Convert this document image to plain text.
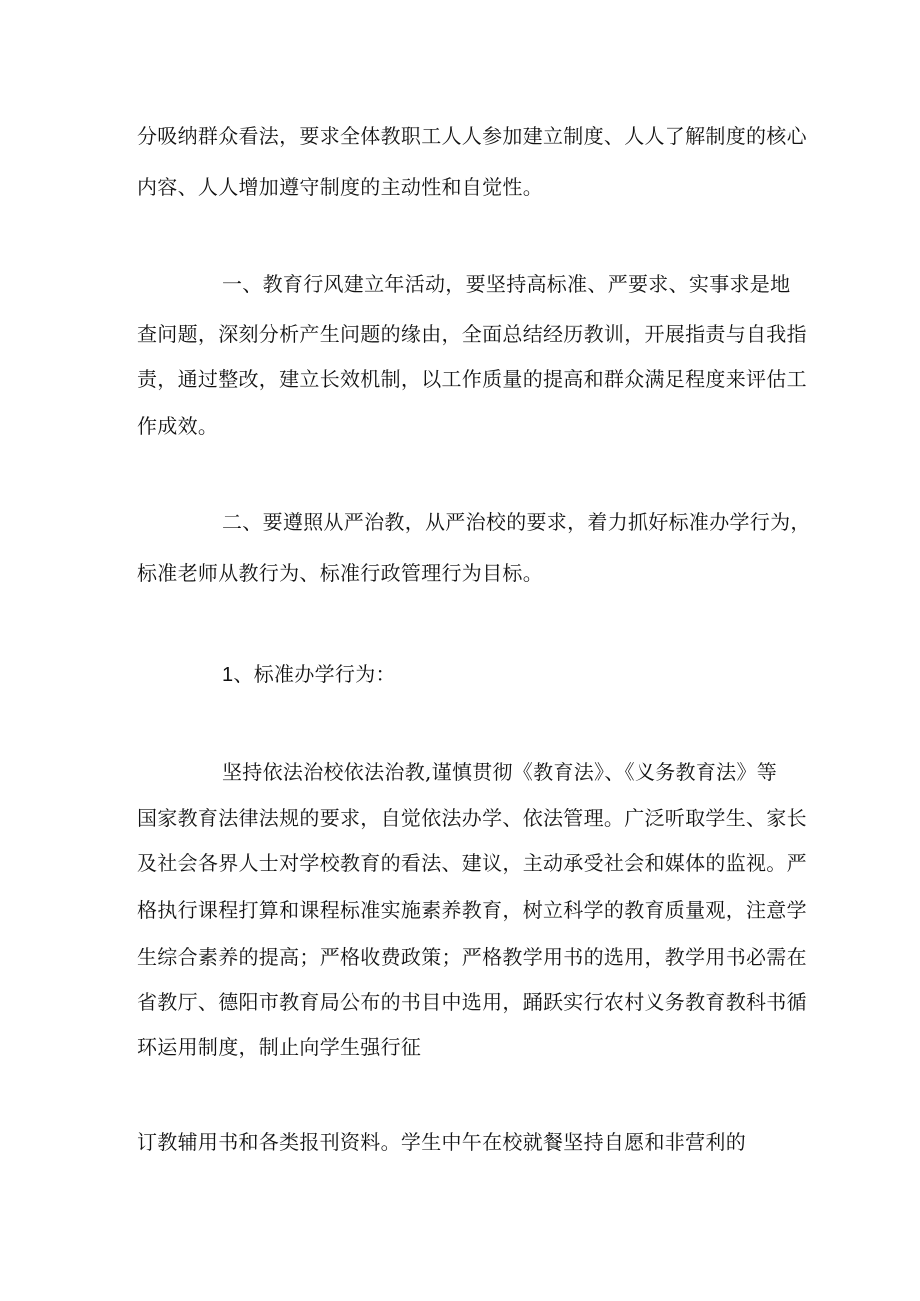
分吸纳群众看法，要求全体教职工人人参加建立制度、人人了解制度的核心
内容、人人增加遵守制度的主动性和自觉性。
一、教育行风建立年活动，要坚持高标准、严要求、实事求是地
查问题，深刻分析产生问题的缘由，全面总结经历教训，开展指责与自我指
责，通过整改，建立长效机制，以工作质量的提高和群众满足程度来评估工
作成效。
二、要遵照从严治教，从严治校的要求，着力抓好标准办学行为，
标准老师从教行为、标准行政管理行为目标。
1、标准办学行为：
坚持依法治校依法治教,谨慎贯彻《教育法》、《义务教育法》等
国家教育法律法规的要求，自觉依法办学、依法管理。广泛听取学生、家长
及社会各界人士对学校教育的看法、建议，主动承受社会和媒体的监视。严
格执行课程打算和课程标准实施素养教育，树立科学的教育质量观，注意学
生综合素养的提高；严格收费政策；严格教学用书的选用，教学用书必需在
省教厅、德阳市教育局公布的书目中选用，踊跃实行农村义务教育教科书循
环运用制度，制止向学生强行征
订教辅用书和各类报刊资料。学生中午在校就餐坚持自愿和非营利的
